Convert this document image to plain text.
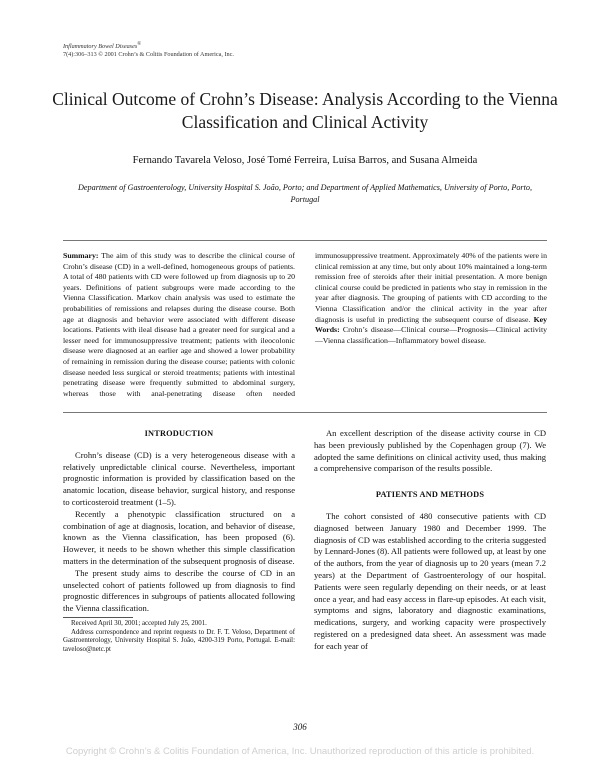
Inflammatory Bowel Diseases®
7(4):306–313 © 2001 Crohn’s & Colitis Foundation of America, Inc.
Clinical Outcome of Crohn’s Disease: Analysis According to the Vienna Classification and Clinical Activity
Fernando Tavarela Veloso, José Tomé Ferreira, Luísa Barros, and Susana Almeida
Department of Gastroenterology, University Hospital S. João, Porto; and Department of Applied Mathematics, University of Porto, Porto, Portugal
Summary: The aim of this study was to describe the clinical course of Crohn’s disease (CD) in a well-defined, homogeneous groups of patients. A total of 480 patients with CD were followed up from diagnosis up to 20 years. Definitions of patient subgroups were made according to the Vienna Classification. Markov chain analysis was used to estimate the probabilities of remissions and relapses during the disease course. Both age at diagnosis and behavior were associated with different disease locations. Patients with ileal disease had a greater need for surgical and a lesser need for immunosuppressive treatment; patients with ileocolonic disease were diagnosed at an earlier age and showed a lower probability of remaining in remission during the disease course; patients with colonic disease needed less surgical or steroid treatments; patients with intestinal penetrating disease were frequently submitted to abdominal surgery, whereas those with anal-penetrating disease often needed immunosuppressive treatment. Approximately 40% of the patients were in clinical remission at any time, but only about 10% maintained a long-term remission free of steroids after their initial presentation. A more benign clinical course could be predicted in patients who stay in remission in the year after diagnosis. The grouping of patients with CD according to the Vienna Classification and/or the clinical activity in the year after diagnosis is useful in predicting the subsequent course of disease. Key Words: Crohn’s disease—Clinical course—Prognosis—Clinical activity—Vienna classification—Inflammatory bowel disease.
INTRODUCTION

Crohn’s disease (CD) is a very heterogeneous disease with a relatively unpredictable clinical course. Nevertheless, important prognostic information is provided by classification based on the anatomic location, disease behavior, surgical history, and response to corticosteroid treatment (1–5).

Recently a phenotypic classification structured on a combination of age at diagnosis, location, and behavior of disease, known as the Vienna classification, has been proposed (6). However, it needs to be shown whether this simple classification matters in the determination of the subsequent prognosis of disease.

The present study aims to describe the course of CD in an unselected cohort of patients followed up from diagnosis to find prognostic differences in subgroups of patients allocated following the Vienna classification.

An excellent description of the disease activity course in CD has been previously published by the Copenhagen group (7). We adopted the same definitions on clinical activity used, thus making a comprehensive comparison of the results possible.

PATIENTS AND METHODS

The cohort consisted of 480 consecutive patients with CD diagnosed between January 1980 and December 1999. The diagnosis of CD was established according to the criteria suggested by Lennard-Jones (8). All patients were followed up, at least by one of the authors, from the year of diagnosis up to 20 years (mean 7.2 years) at the Department of Gastroenterology of our hospital. Patients were seen regularly depending on their needs, or at least once a year, and had easy access in flare-up episodes. At each visit, symptoms and signs, laboratory and diagnostic examinations, medications, surgery, and working capacity were prospectively registered on a predesigned data sheet. An assessment was made for each year of

Received April 30, 2001; accepted July 25, 2001.

Address correspondence and reprint requests to Dr. F. T. Veloso, Department of Gastroenterology, University Hospital S. João, 4200-319 Porto, Portugal. E-mail: taveloso@netc.pt

306
Copyright © Crohn’s & Colitis Foundation of America, Inc. Unauthorized reproduction of this article is prohibited.
